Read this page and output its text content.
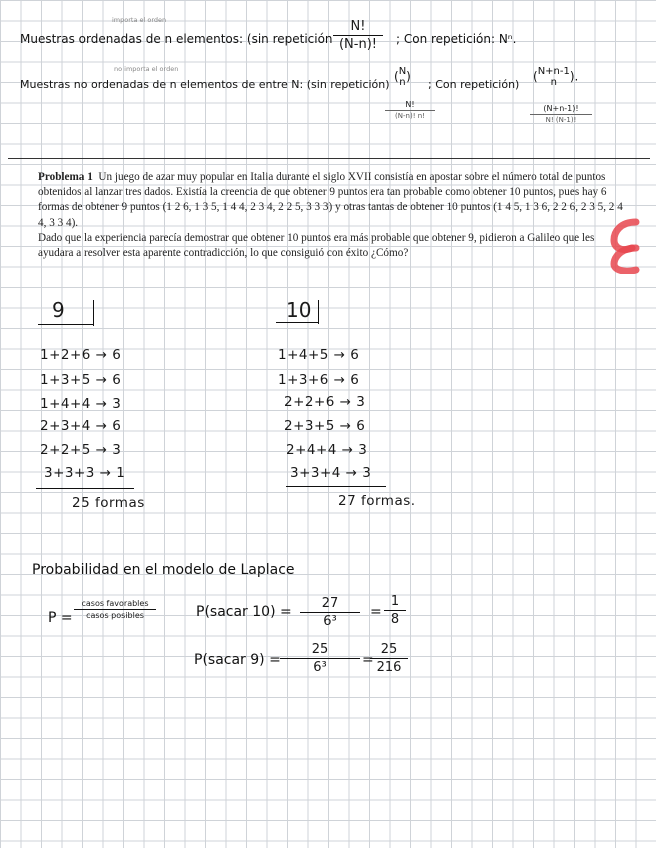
importa el orden
Muestras ordenadas de n elementos: (sin repetición
N!
(N-n)!	; Con repetición: Nⁿ.
no importa el orden
Muestras no ordenadas de n elementos de entre N: (sin repetición)
(N
n)
; Con repetición)
(N+n-1
n ).
N!
(N-n)! n!
(N+n-1)!
N! (N-1)!
Problema 1 Un juego de azar muy popular en Italia durante el siglo XVII consistía en apostar sobre el número total de puntos obtenidos al lanzar tres dados. Existía la creencia de que obtener 9 puntos era tan probable como obtener 10 puntos, pues hay 6 formas de obtener 9 puntos (1 2 6, 1 3 5, 1 4 4, 2 3 4, 2 2 5, 3 3 3) y otras tantas de obtener 10 puntos (1 4 5, 1 3 6, 2 2 6, 2 3 5, 2 4 4, 3 3 4).
Dado que la experiencia parecía demostrar que obtener 10 puntos era más probable que obtener 9, pidieron a Galileo que les ayudara a resolver esta aparente contradicción, lo que consiguió con éxito ¿Cómo?
9
1+2+6 → 6
1+3+5 → 6
1+4+4 → 3
2+3+4 → 6
2+2+5 → 3
3+3+3 → 1
25 formas
10
1+4+5 → 6
1+3+6 → 6
2+2+6 → 3
2+3+5 → 6
2+4+4 → 3
3+3+4 → 3
27 formas.
Probabilidad en el modelo de Laplace
P =
casos favorables
casos posibles	P(sacar 10) =
27
6³
=
1
8
P(sacar 9) =
25
6³	=
25
216
